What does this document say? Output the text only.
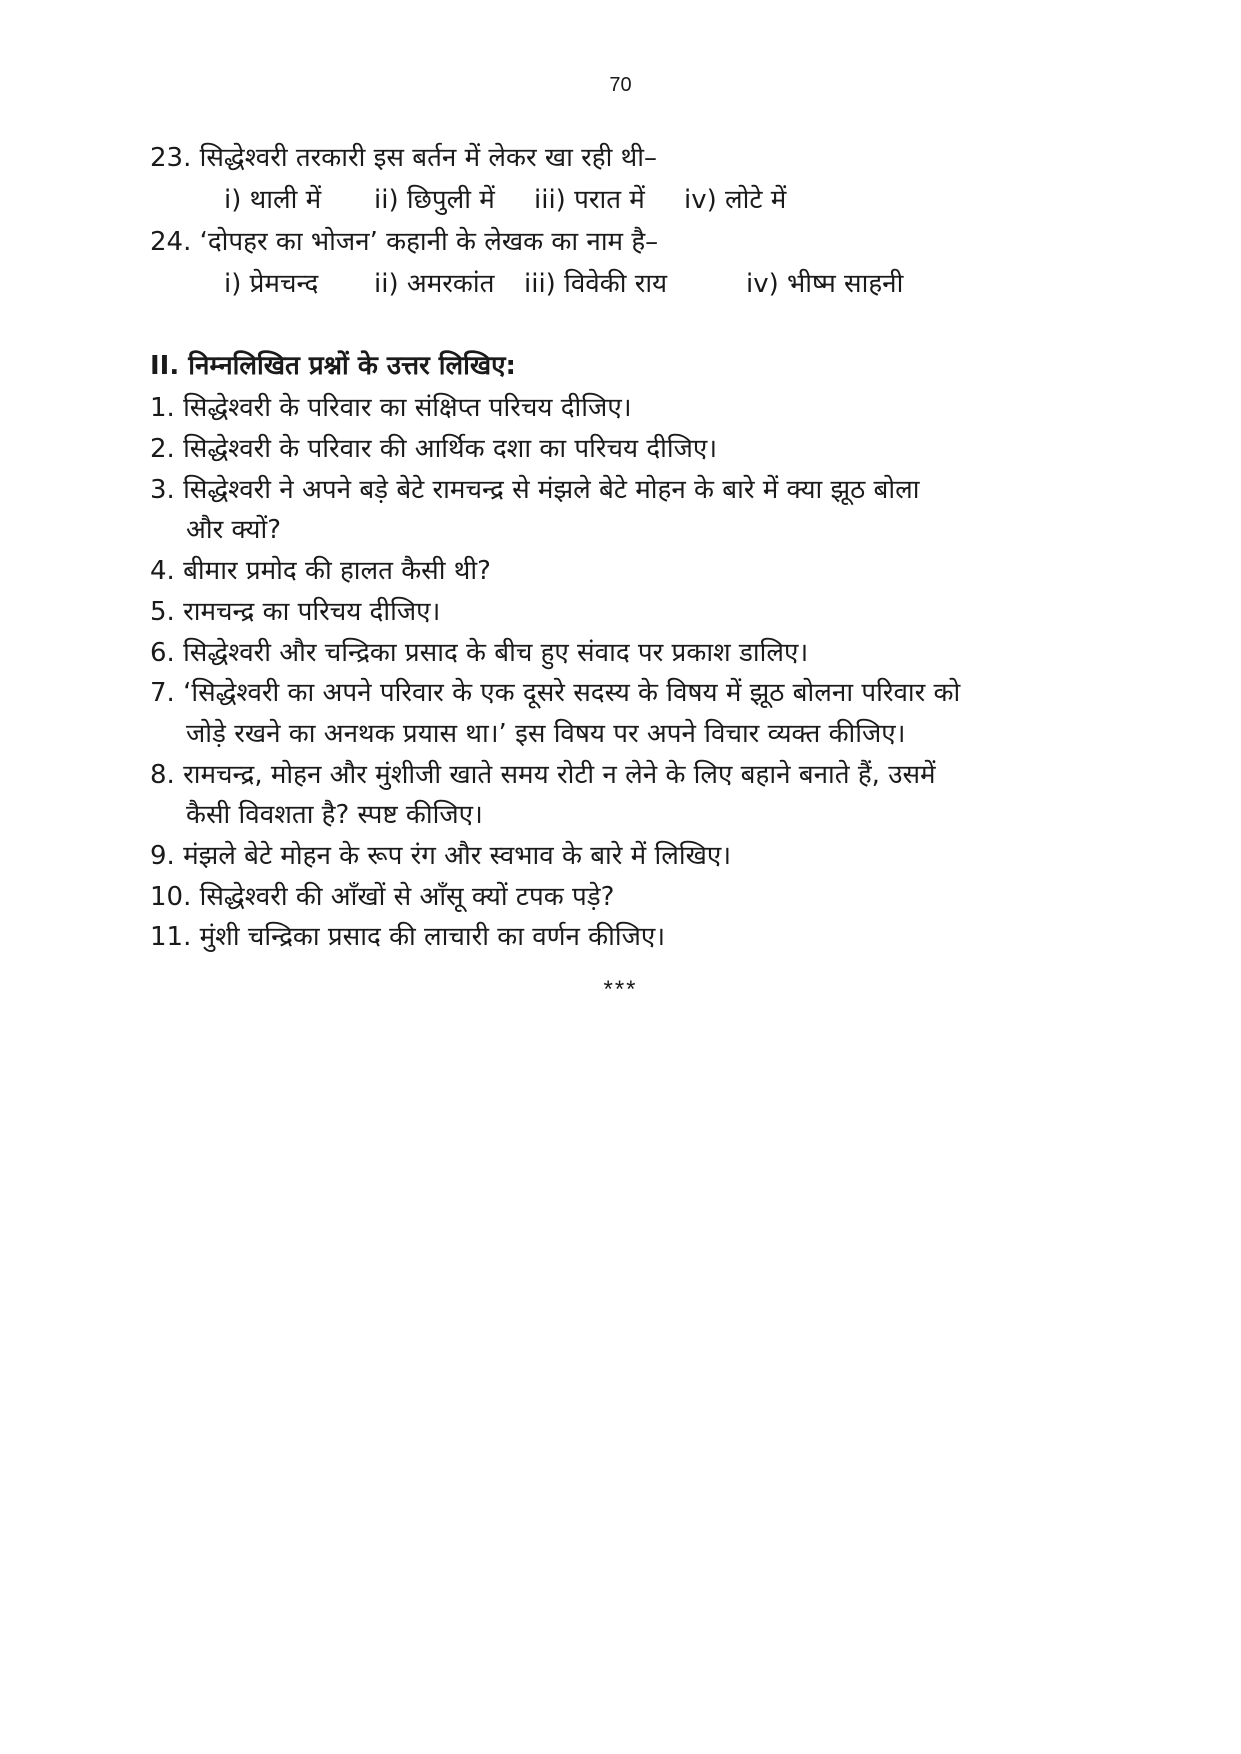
70
23. सिद्धेश्वरी तरकारी इस बर्तन में लेकर खा रही थी–
i) थाली में ii) छिपुली में iii) परात में iv) लोटे में
24. ‘दोपहर का भोजन’ कहानी के लेखक का नाम है–
i) प्रेमचन्द ii) अमरकांत iii) विवेकी राय	iv) भीष्म साहनी
II. निम्नलिखित प्रश्नों के उत्तर लिखिए:
1. सिद्धेश्वरी के परिवार का संक्षिप्त परिचय दीजिए।
2. सिद्धेश्वरी के परिवार की आर्थिक दशा का परिचय दीजिए।
3. सिद्धेश्वरी ने अपने बड़े बेटे रामचन्द्र से मंझले बेटे मोहन के बारे में क्या झूठ बोला
और क्यों?
4. बीमार प्रमोद की हालत कैसी थी?
5. रामचन्द्र का परिचय दीजिए।
6. सिद्धेश्वरी और चन्द्रिका प्रसाद के बीच हुए संवाद पर प्रकाश डालिए।
7. ‘सिद्धेश्वरी का अपने परिवार के एक दूसरे सदस्य के विषय में झूठ बोलना परिवार को
जोड़े रखने का अनथक प्रयास था।’ इस विषय पर अपने विचार व्यक्त कीजिए।
8. रामचन्द्र, मोहन और मुंशीजी खाते समय रोटी न लेने के लिए बहाने बनाते हैं, उसमें
कैसी विवशता है? स्पष्ट कीजिए।
9. मंझले बेटे मोहन के रूप रंग और स्वभाव के बारे में लिखिए।
10. सिद्धेश्वरी की आँखों से आँसू क्यों टपक पड़े?
11. मुंशी चन्द्रिका प्रसाद की लाचारी का वर्णन कीजिए।
***
